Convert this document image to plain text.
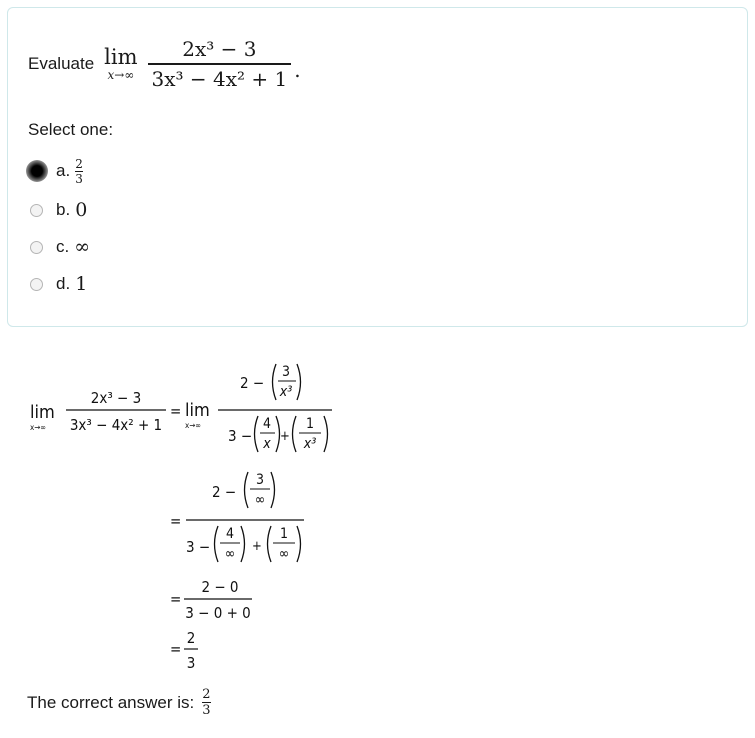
Evaluate lim
$x\to\infty \frac{\text{2x³ − 3}}{\text{3x³ − 4x² + 1}}$ .
Select one:
a. 2
3
b. 0
c. ∞
d. 1
lim
x→∞
2x³ − 3
3x³ − 4x² + 1
= lim
x→∞
2 −
3
x³
3 −
4
x +
1
x³
=
2 −
3
∞
3 −
4
∞ +
1
∞
=
2 − 0
3 − 0 + 0
=
2
3
The correct answer is: 2
3
